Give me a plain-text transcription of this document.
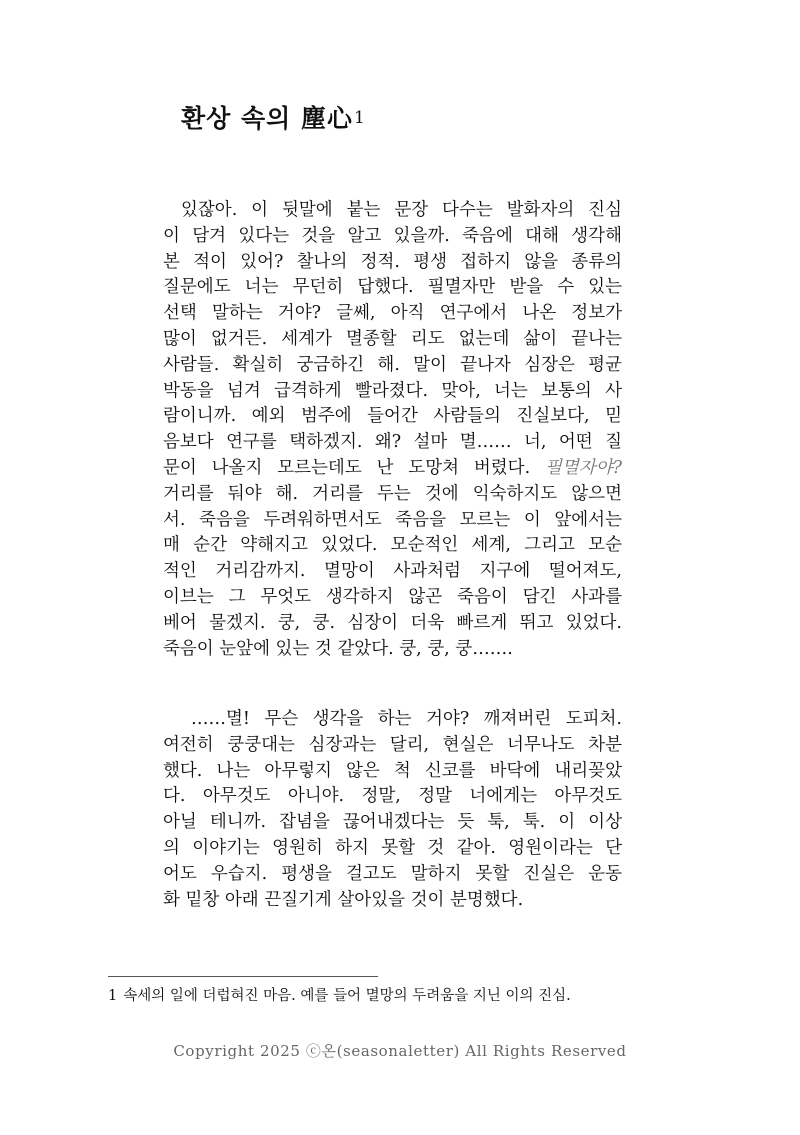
환상 속의 塵心$^1$
있잖아. 이 뒷말에 붙는 문장 다수는 발화자의 진심
이 담겨 있다는 것을 알고 있을까. 죽음에 대해 생각해
본 적이 있어? 찰나의 정적. 평생 접하지 않을 종류의
질문에도 너는 무던히 답했다. 필멸자만 받을 수 있는
선택 말하는 거야? 글쎄, 아직 연구에서 나온 정보가
많이 없거든. 세계가 멸종할 리도 없는데 삶이 끝나는
사람들. 확실히 궁금하긴 해. 말이 끝나자 심장은 평균
박동을 넘겨 급격하게 빨라졌다. 맞아, 너는 보통의 사
람이니까. 예외 범주에 들어간 사람들의 진실보다, 믿
음보다 연구를 택하겠지. 왜? 설마 멸…… 너, 어떤 질
문이 나올지 모르는데도 난 도망쳐 버렸다. 필멸자야?
거리를 둬야 해. 거리를 두는 것에 익숙하지도 않으면
서. 죽음을 두려워하면서도 죽음을 모르는 이 앞에서는
매 순간 약해지고 있었다. 모순적인 세계, 그리고 모순
적인 거리감까지. 멸망이 사과처럼 지구에 떨어져도,
이브는 그 무엇도 생각하지 않곤 죽음이 담긴 사과를
베어 물겠지. 쿵, 쿵. 심장이 더욱 빠르게 뛰고 있었다.
죽음이 눈앞에 있는 것 같았다. 쿵, 쿵, 쿵…….
……멸! 무슨 생각을 하는 거야? 깨져버린 도피처.
여전히 쿵쿵대는 심장과는 달리, 현실은 너무나도 차분
했다. 나는 아무렇지 않은 척 신코를 바닥에 내리꽂았
다. 아무것도 아니야. 정말, 정말 너에게는 아무것도
아닐 테니까. 잡념을 끊어내겠다는 듯 툭, 툭. 이 이상
의 이야기는 영원히 하지 못할 것 같아. 영원이라는 단
어도 우습지. 평생을 걸고도 말하지 못할 진실은 운동
화 밑창 아래 끈질기게 살아있을 것이 분명했다.
1 속세의 일에 더럽혀진 마음. 예를 들어 멸망의 두려움을 지닌 이의 진심.
Copyright 2025 ⓒ온(seasonaletter) All Rights Reserved
